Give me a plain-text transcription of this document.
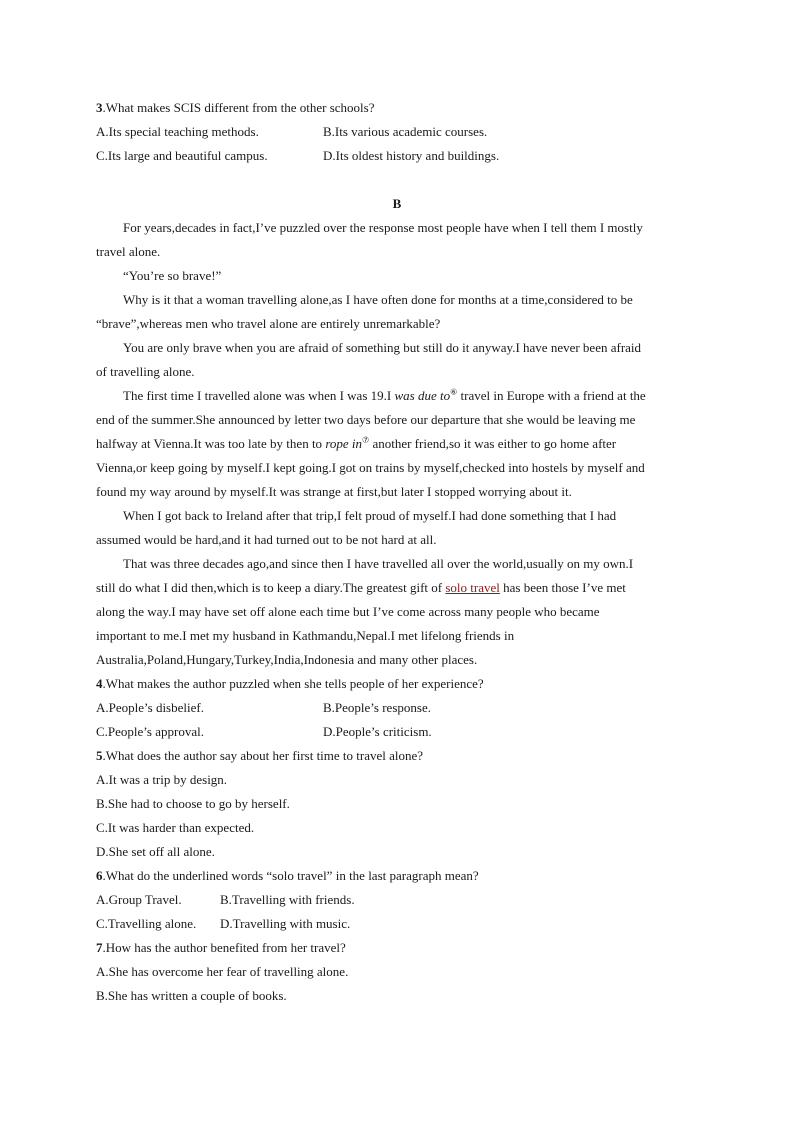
3.What makes SCIS different from the other schools?
A.Its special teaching methods.	B.Its various academic courses.
C.Its large and beautiful campus.	D.Its oldest history and buildings.
B
For years,decades in fact,I’ve puzzled over the response most people have when I tell them I mostly
travel alone.
“You’re so brave!”
Why is it that a woman travelling alone,as I have often done for months at a time,considered to be
“brave”,whereas men who travel alone are entirely unremarkable?
You are only brave when you are afraid of something but still do it anyway.I have never been afraid
of travelling alone.
The first time I travelled alone was when I was 19.I was due to⑥ travel in Europe with a friend at the
end of the summer.She announced by letter two days before our departure that she would be leaving me
halfway at Vienna.It was too late by then to rope in⑦ another friend,so it was either to go home after
Vienna,or keep going by myself.I kept going.I got on trains by myself,checked into hostels by myself and
found my way around by myself.It was strange at first,but later I stopped worrying about it.
When I got back to Ireland after that trip,I felt proud of myself.I had done something that I had
assumed would be hard,and it had turned out to be not hard at all.
That was three decades ago,and since then I have travelled all over the world,usually on my own.I
still do what I did then,which is to keep a diary.The greatest gift of solo travel has been those I’ve met
along the way.I may have set off alone each time but I’ve come across many people who became
important to me.I met my husband in Kathmandu,Nepal.I met lifelong friends in
Australia,Poland,Hungary,Turkey,India,Indonesia and many other places.
4.What makes the author puzzled when she tells people of her experience?
A.People’s disbelief.	B.People’s response.
C.People’s approval.	D.People’s criticism.
5.What does the author say about her first time to travel alone?
A.It was a trip by design.
B.She had to choose to go by herself.
C.It was harder than expected.
D.She set off all alone.
6.What do the underlined words “solo travel” in the last paragraph mean?
A.Group Travel.	B.Travelling with friends.
C.Travelling alone. D.Travelling with music.
7.How has the author benefited from her travel?
A.She has overcome her fear of travelling alone.
B.She has written a couple of books.
